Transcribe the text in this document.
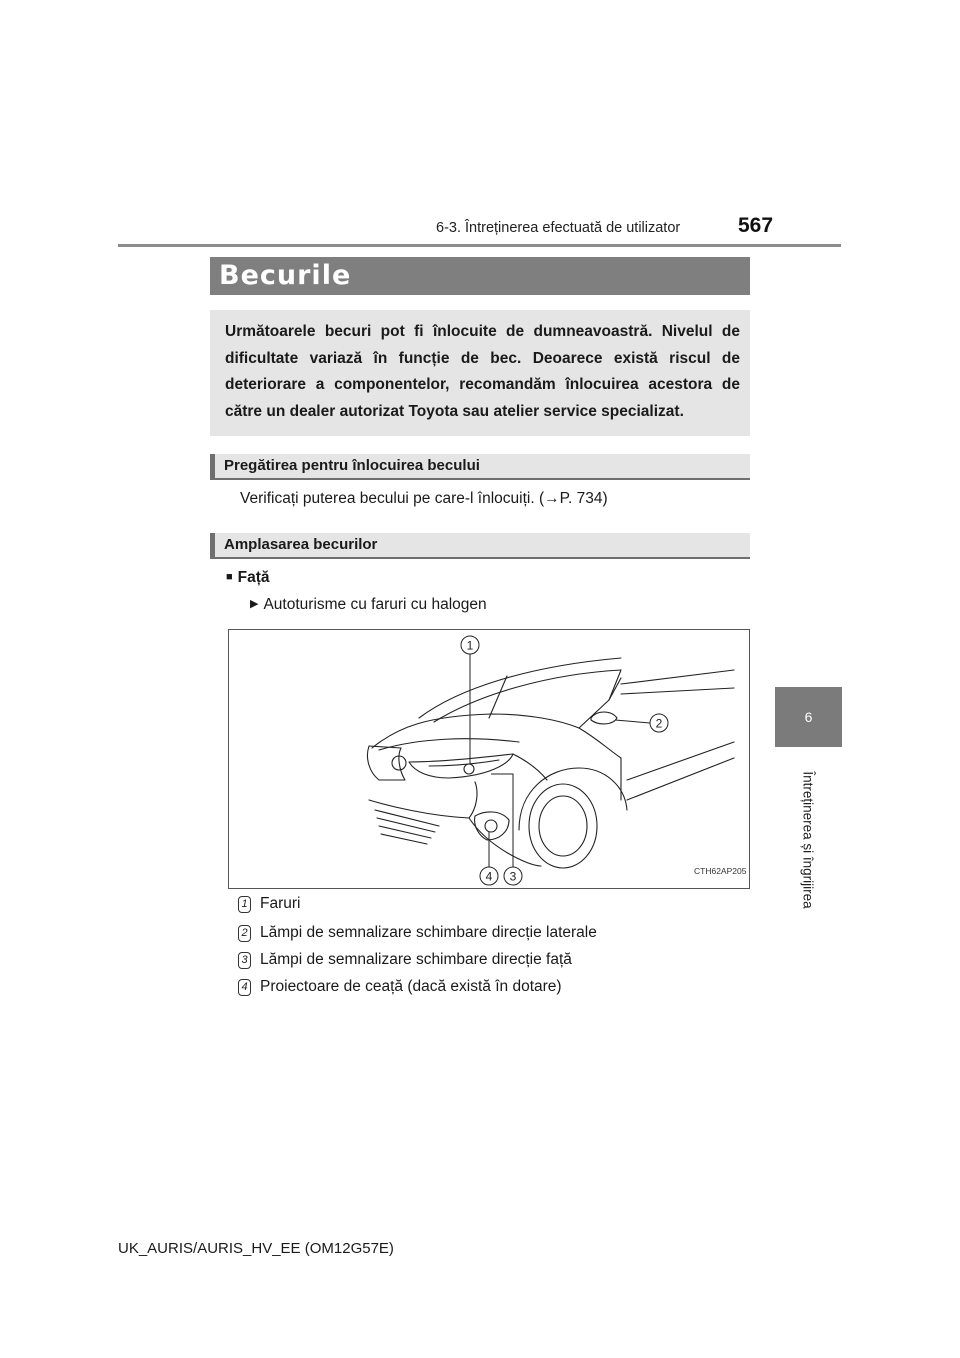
6-3. Întreținerea efectuată de utilizator	567
6
Întreținerea și îngrijirea
Becurile
Următoarele becuri pot fi înlocuite de dumneavoastră. Nivelul de dificultate variază în funcție de bec. Deoarece există riscul de deteriorare a componentelor, recomandăm înlocuirea acestora de către un dealer autorizat Toyota sau atelier service specializat.
Pregătirea pentru înlocuirea becului
Verificați puterea becului pe care-l înlocuiți. (→P. 734)
Amplasarea becurilor
■ Față
▶ Autoturisme cu faruri cu halogen
1
2
3
4	CTH62AP205
1 Faruri
2 Lămpi de semnalizare schimbare direcție laterale
3 Lămpi de semnalizare schimbare direcție față
4 Proiectoare de ceață (dacă există în dotare)
UK_AURIS/AURIS_HV_EE (OM12G57E)
